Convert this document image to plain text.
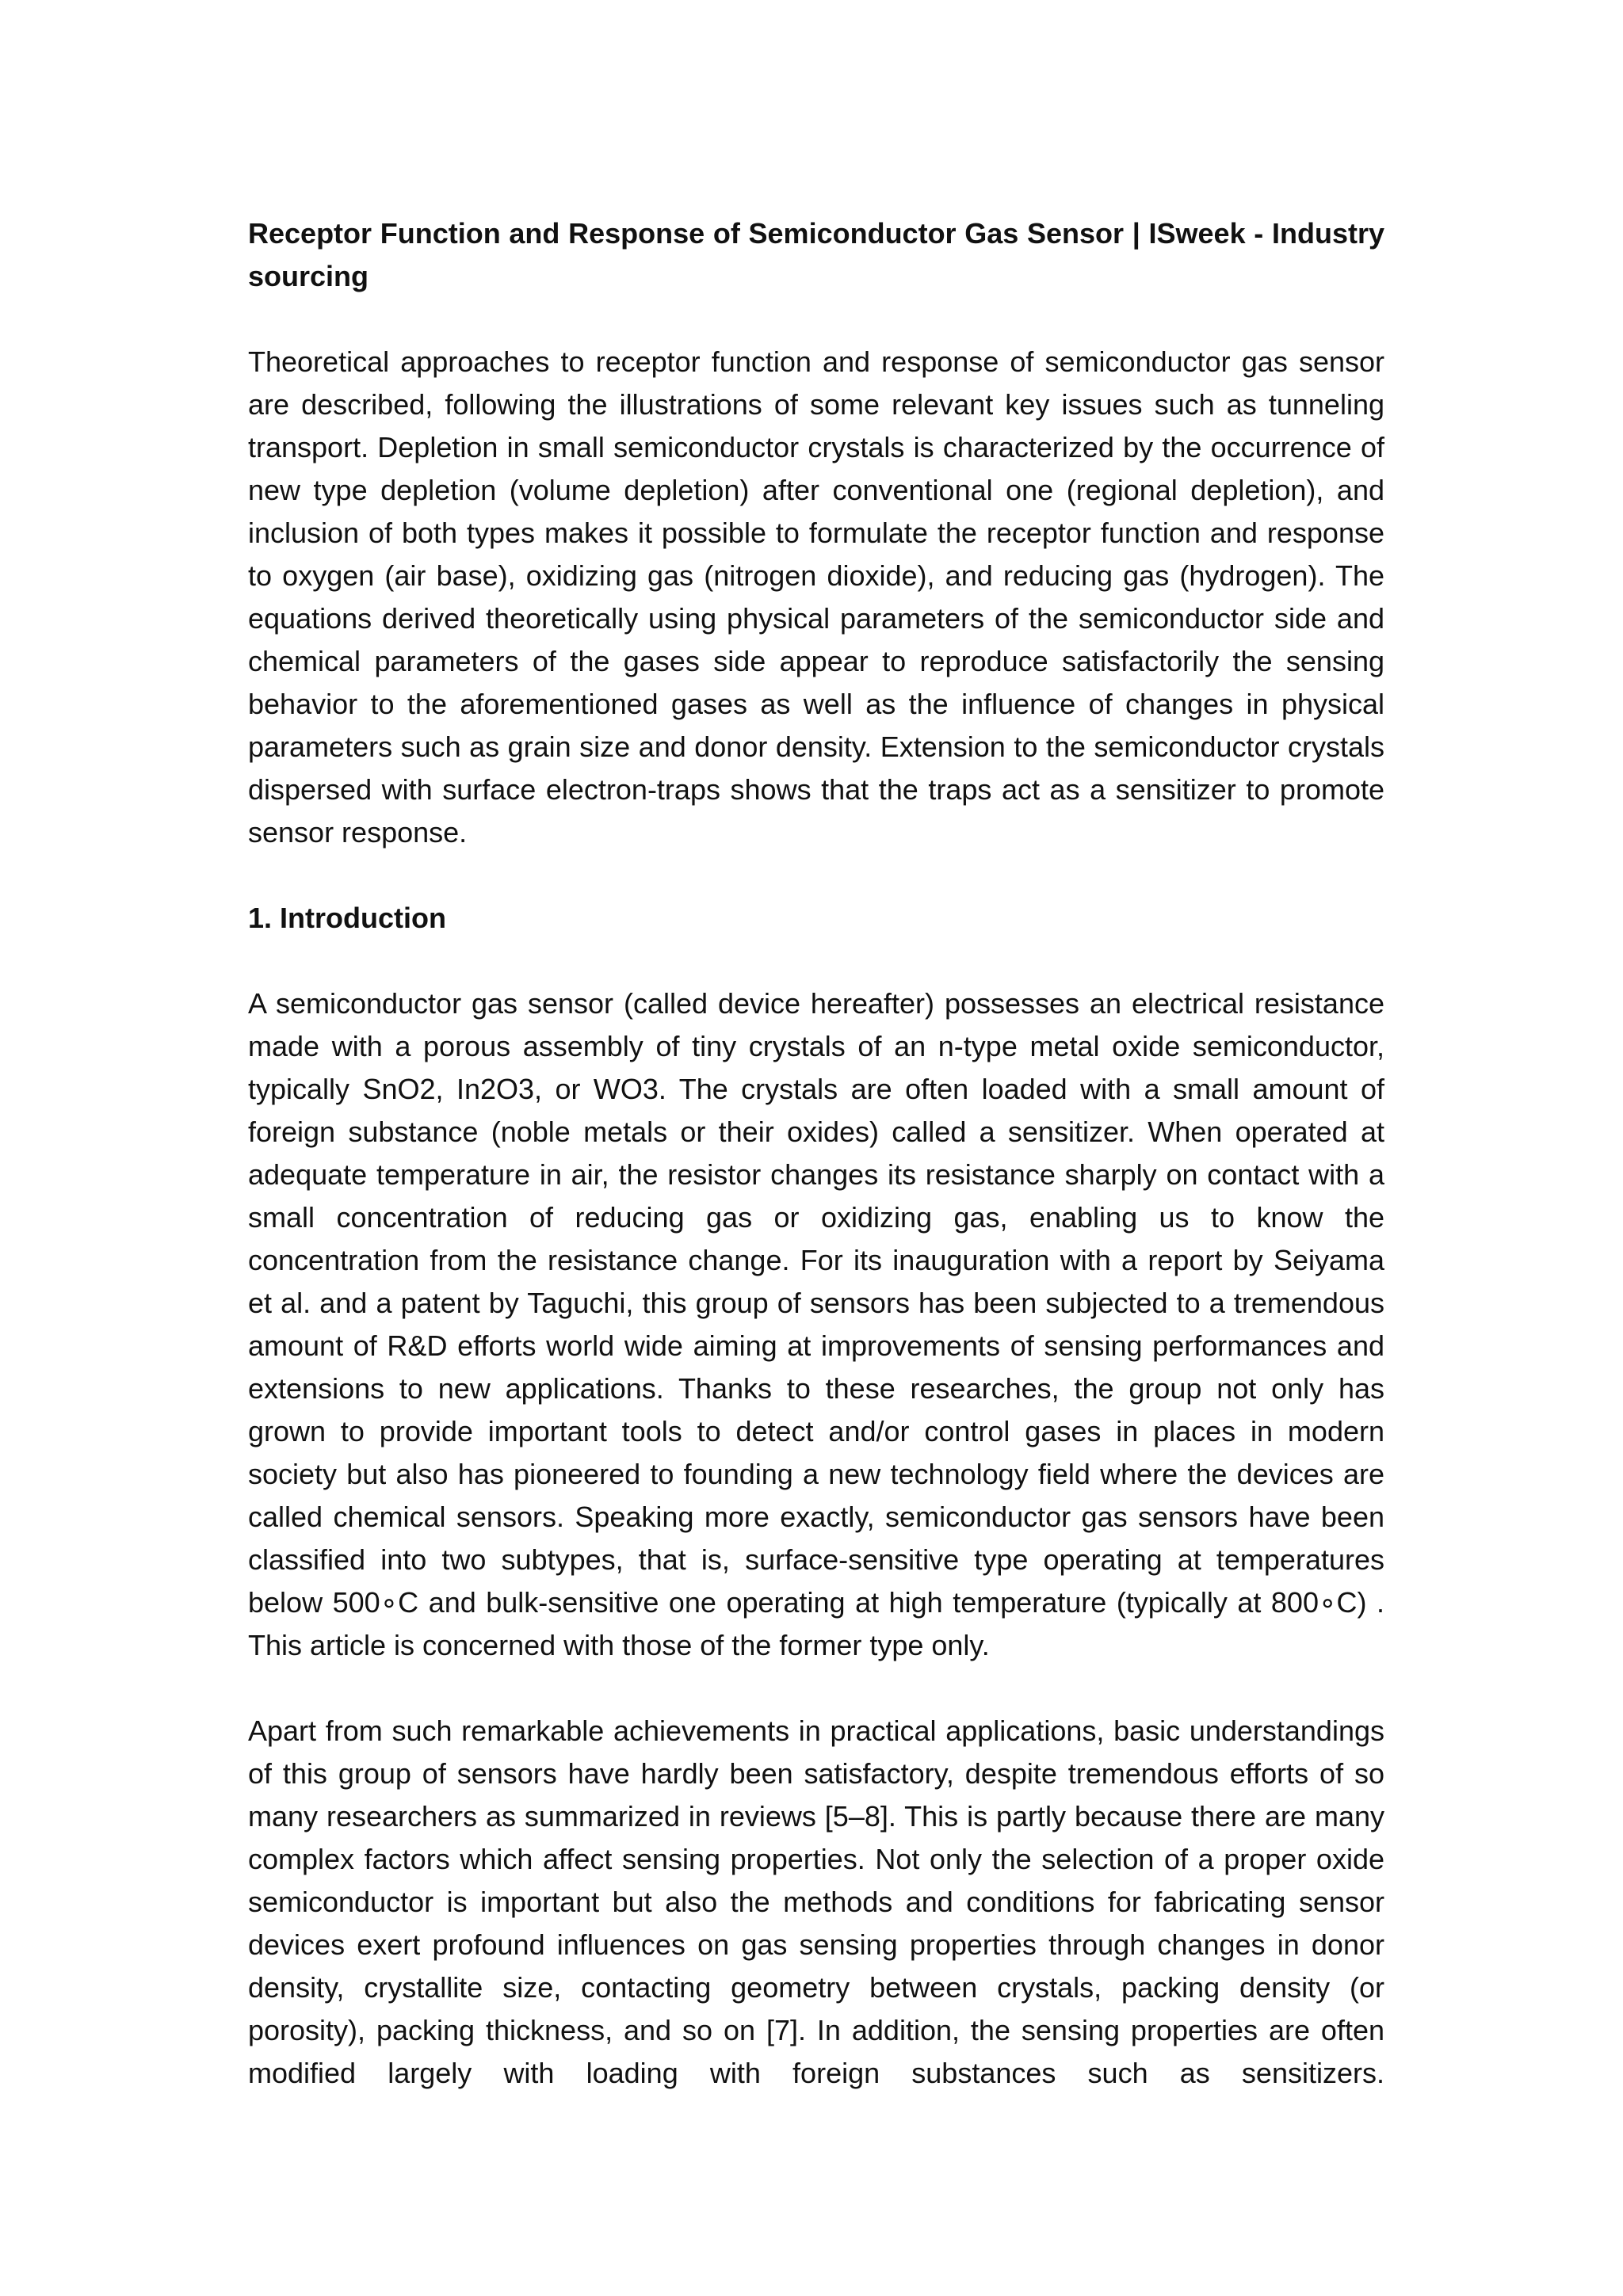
Receptor Function and Response of Semiconductor Gas Sensor | ISweek - Industry sourcing

Theoretical approaches to receptor function and response of semiconductor gas sensor are described, following the illustrations of some relevant key issues such as tunneling transport. Depletion in small semiconductor crystals is characterized by the occurrence of new type depletion (volume depletion) after conventional one (regional depletion), and inclusion of both types makes it possible to formulate the receptor function and response to oxygen (air base), oxidizing gas (nitrogen dioxide), and reducing gas (hydrogen). The equations derived theoretically using physical parameters of the semiconductor side and chemical parameters of the gases side appear to reproduce satisfactorily the sensing behavior to the aforementioned gases as well as the influence of changes in physical parameters such as grain size and donor density. Extension to the semiconductor crystals dispersed with surface electron-traps shows that the traps act as a sensitizer to promote sensor response.

1. Introduction

A semiconductor gas sensor (called device hereafter) possesses an electrical resistance made with a porous assembly of tiny crystals of an n-type metal oxide semiconductor, typically SnO2, In2O3, or WO3. The crystals are often loaded with a small amount of foreign substance (noble metals or their oxides) called a sensitizer. When operated at adequate temperature in air, the resistor changes its resistance sharply on contact with a small concentration of reducing gas or oxidizing gas, enabling us to know the concentration from the resistance change. For its inauguration with a report by Seiyama et al. and a patent by Taguchi, this group of sensors has been subjected to a tremendous amount of R&D efforts world wide aiming at improvements of sensing performances and extensions to new applications. Thanks to these researches, the group not only has grown to provide important tools to detect and/or control gases in places in modern society but also has pioneered to founding a new technology field where the devices are called chemical sensors. Speaking more exactly, semiconductor gas sensors have been classified into two subtypes, that is, surface-sensitive type operating at temperatures below 500∘C and bulk-sensitive one operating at high temperature (typically at 800∘C) . This article is concerned with those of the former type only.

Apart from such remarkable achievements in practical applications, basic understandings of this group of sensors have hardly been satisfactory, despite tremendous efforts of so many researchers as summarized in reviews [5–8]. This is partly because there are many complex factors which affect sensing properties. Not only the selection of a proper oxide semiconductor is important but also the methods and conditions for fabricating sensor devices exert profound influences on gas sensing properties through changes in donor density, crystallite size, contacting geometry between crystals, packing density (or porosity), packing thickness, and so on [7]. In addition, the sensing properties are often modified largely with loading with foreign substances such as sensitizers.
